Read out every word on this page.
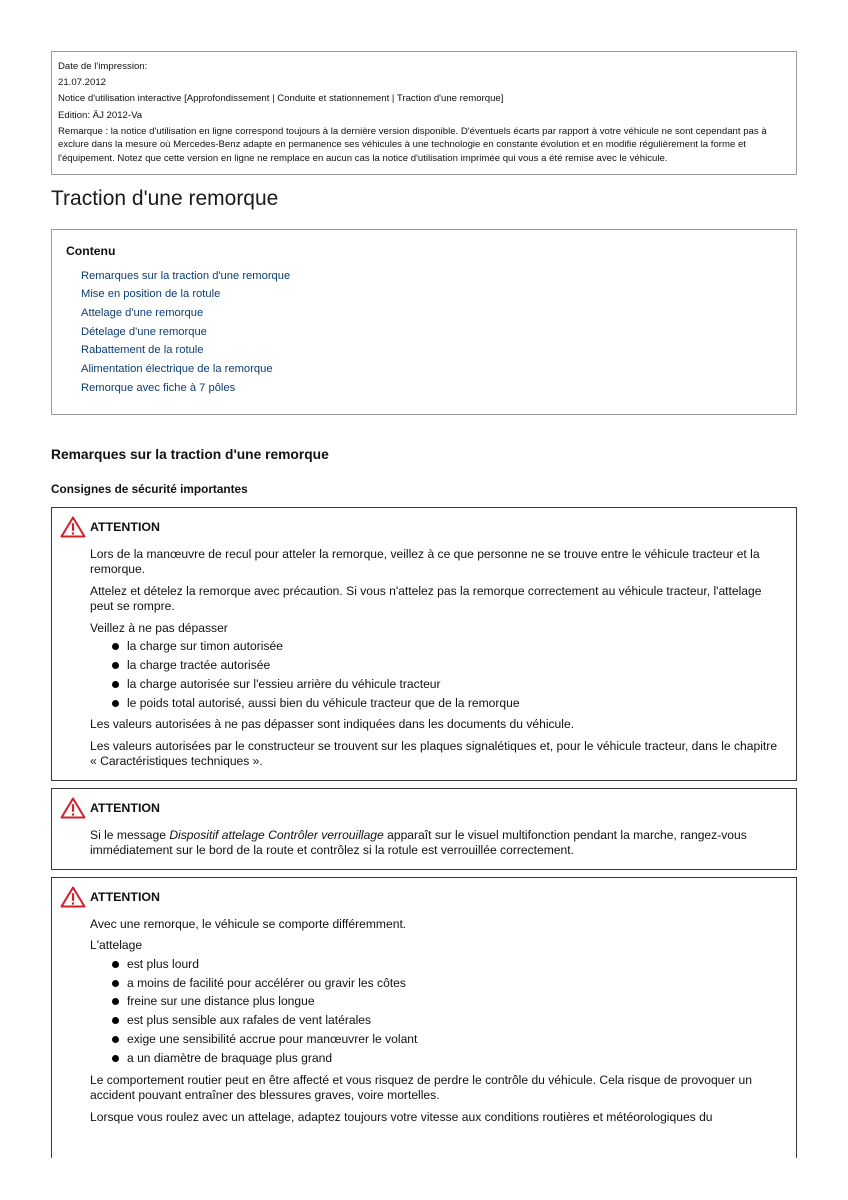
Date de l'impression:
21.07.2012
Notice d'utilisation interactive [Approfondissement | Conduite et stationnement | Traction d'une remorque]
Edition: ÄJ 2012-Va
Remarque : la notice d'utilisation en ligne correspond toujours à la dernière version disponible. D'éventuels écarts par rapport à votre véhicule ne sont cependant pas à exclure dans la mesure où Mercedes-Benz adapte en permanence ses véhicules à une technologie en constante évolution et en modifie régulièrement la forme et l'équipement. Notez que cette version en ligne ne remplace en aucun cas la notice d'utilisation imprimée qui vous a été remise avec le véhicule.
Traction d'une remorque
Contenu
Remarques sur la traction d'une remorque
Mise en position de la rotule
Attelage d'une remorque
Dételage d'une remorque
Rabattement de la rotule
Alimentation électrique de la remorque
Remorque avec fiche à 7 pôles
Remarques sur la traction d'une remorque
Consignes de sécurité importantes
ATTENTION

Lors de la manœuvre de recul pour atteler la remorque, veillez à ce que personne ne se trouve entre le véhicule tracteur et la remorque.

Attelez et dételez la remorque avec précaution. Si vous n'attelez pas la remorque correctement au véhicule tracteur, l'attelage peut se rompre.

Veillez à ne pas dépasser

la charge sur timon autorisée
la charge tractée autorisée
la charge autorisée sur l'essieu arrière du véhicule tracteur
le poids total autorisé, aussi bien du véhicule tracteur que de la remorque

Les valeurs autorisées à ne pas dépasser sont indiquées dans les documents du véhicule.

Les valeurs autorisées par le constructeur se trouvent sur les plaques signalétiques et, pour le véhicule tracteur, dans le chapitre « Caractéristiques techniques ».

ATTENTION

Si le message Dispositif attelage Contrôler verrouillage apparaît sur le visuel multifonction pendant la marche, rangez-vous immédiatement sur le bord de la route et contrôlez si la rotule est verrouillée correctement.

ATTENTION

Avec une remorque, le véhicule se comporte différemment.

L'attelage

est plus lourd
a moins de facilité pour accélérer ou gravir les côtes
freine sur une distance plus longue
est plus sensible aux rafales de vent latérales
exige une sensibilité accrue pour manœuvrer le volant
a un diamètre de braquage plus grand

Le comportement routier peut en être affecté et vous risquez de perdre le contrôle du véhicule. Cela risque de provoquer un accident pouvant entraîner des blessures graves, voire mortelles.

Lorsque vous roulez avec un attelage, adaptez toujours votre vitesse aux conditions routières et météorologiques du
